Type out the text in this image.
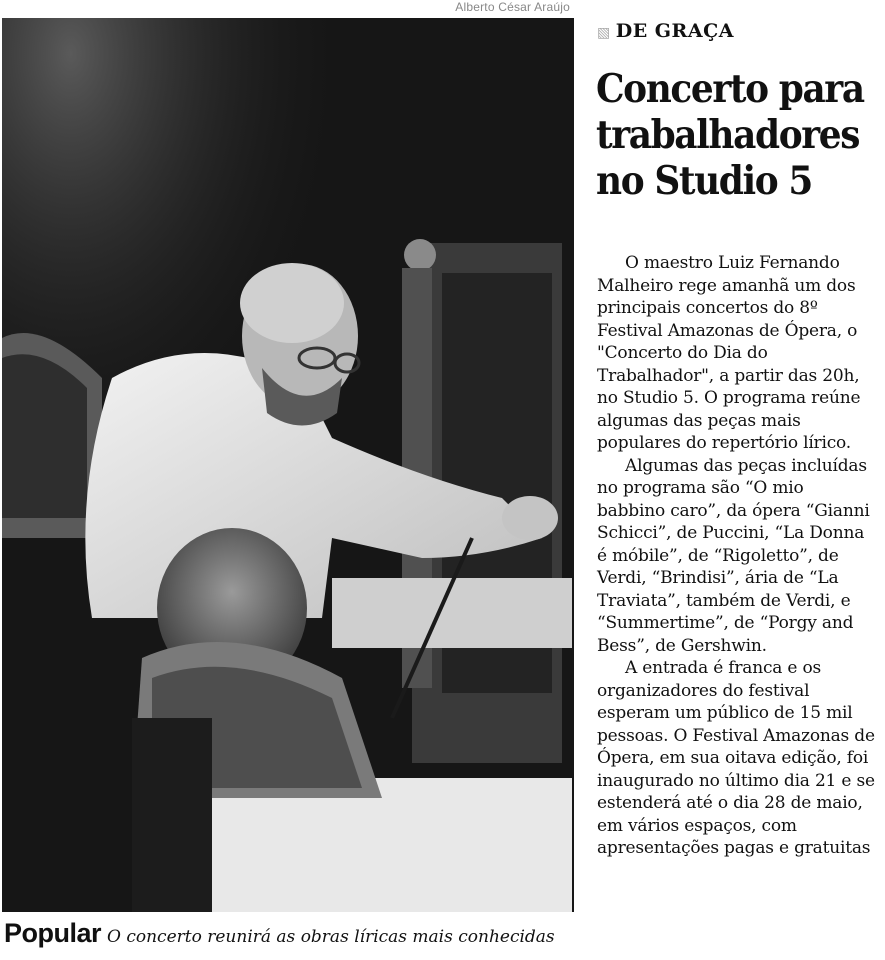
Alberto César Araújo
▧ DE GRAÇA
Concerto para
trabalhadores
no Studio 5

O maestro Luiz Fernando Malheiro rege amanhã um dos principais concertos do 8º Festival Amazonas de Ópera, o "Concerto do Dia do Trabalhador", a partir das 20h, no Studio 5. O programa reúne algumas das peças mais populares do repertório lírico.

Algumas das peças incluídas no programa são “O mio babbino caro”, da ópera “Gianni Schicci”, de Puccini, “La Donna é móbile”, de “Rigoletto”, de Verdi, “Brindisi”, ária de “La Traviata”, também de Verdi, e “Summertime”, de “Porgy and Bess”, de Gershwin.

A entrada é franca e os organizadores do festival esperam um público de 15 mil pessoas. O Festival Amazonas de Ópera, em sua oitava edição, foi inaugurado no último dia 21 e se estenderá até o dia 28 de maio, em vários espaços, com apresentações pagas e gratuitas

Popular O concerto reunirá as obras líricas mais conhecidas
